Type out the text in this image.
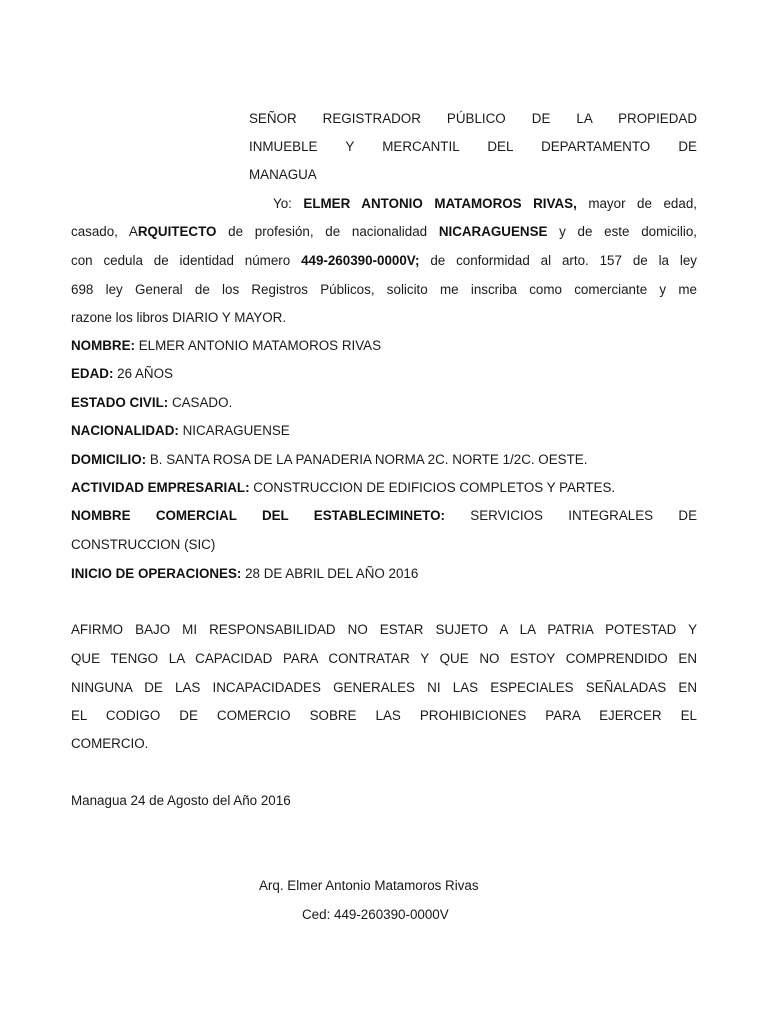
SEÑOR REGISTRADOR PÚBLICO DE LA PROPIEDAD
INMUEBLE Y MERCANTIL DEL DEPARTAMENTO DE
MANAGUA
Yo: ELMER ANTONIO MATAMOROS RIVAS, mayor de edad,
casado, ARQUITECTO de profesión, de nacionalidad NICARAGUENSE y de este domicilio,
con cedula de identidad número 449-260390-0000V; de conformidad al arto. 157 de la ley
698 ley General de los Registros Públicos, solicito me inscriba como comerciante y me
razone los libros DIARIO Y MAYOR.
NOMBRE: ELMER ANTONIO MATAMOROS RIVAS
EDAD: 26 AÑOS
ESTADO CIVIL: CASADO.
NACIONALIDAD: NICARAGUENSE
DOMICILIO: B. SANTA ROSA DE LA PANADERIA NORMA 2C. NORTE 1/2C. OESTE.
ACTIVIDAD EMPRESARIAL: CONSTRUCCION DE EDIFICIOS COMPLETOS Y PARTES.
NOMBRE COMERCIAL DEL ESTABLECIMINETO: SERVICIOS INTEGRALES DE
CONSTRUCCION (SIC)
INICIO DE OPERACIONES: 28 DE ABRIL DEL AÑO 2016
AFIRMO BAJO MI RESPONSABILIDAD NO ESTAR SUJETO A LA PATRIA POTESTAD Y
QUE TENGO LA CAPACIDAD PARA CONTRATAR Y QUE NO ESTOY COMPRENDIDO EN
NINGUNA DE LAS INCAPACIDADES GENERALES NI LAS ESPECIALES SEÑALADAS EN
EL CODIGO DE COMERCIO SOBRE LAS PROHIBICIONES PARA EJERCER EL
COMERCIO.
Managua 24 de Agosto del Año 2016
Arq. Elmer Antonio Matamoros Rivas
Ced: 449-260390-0000V
